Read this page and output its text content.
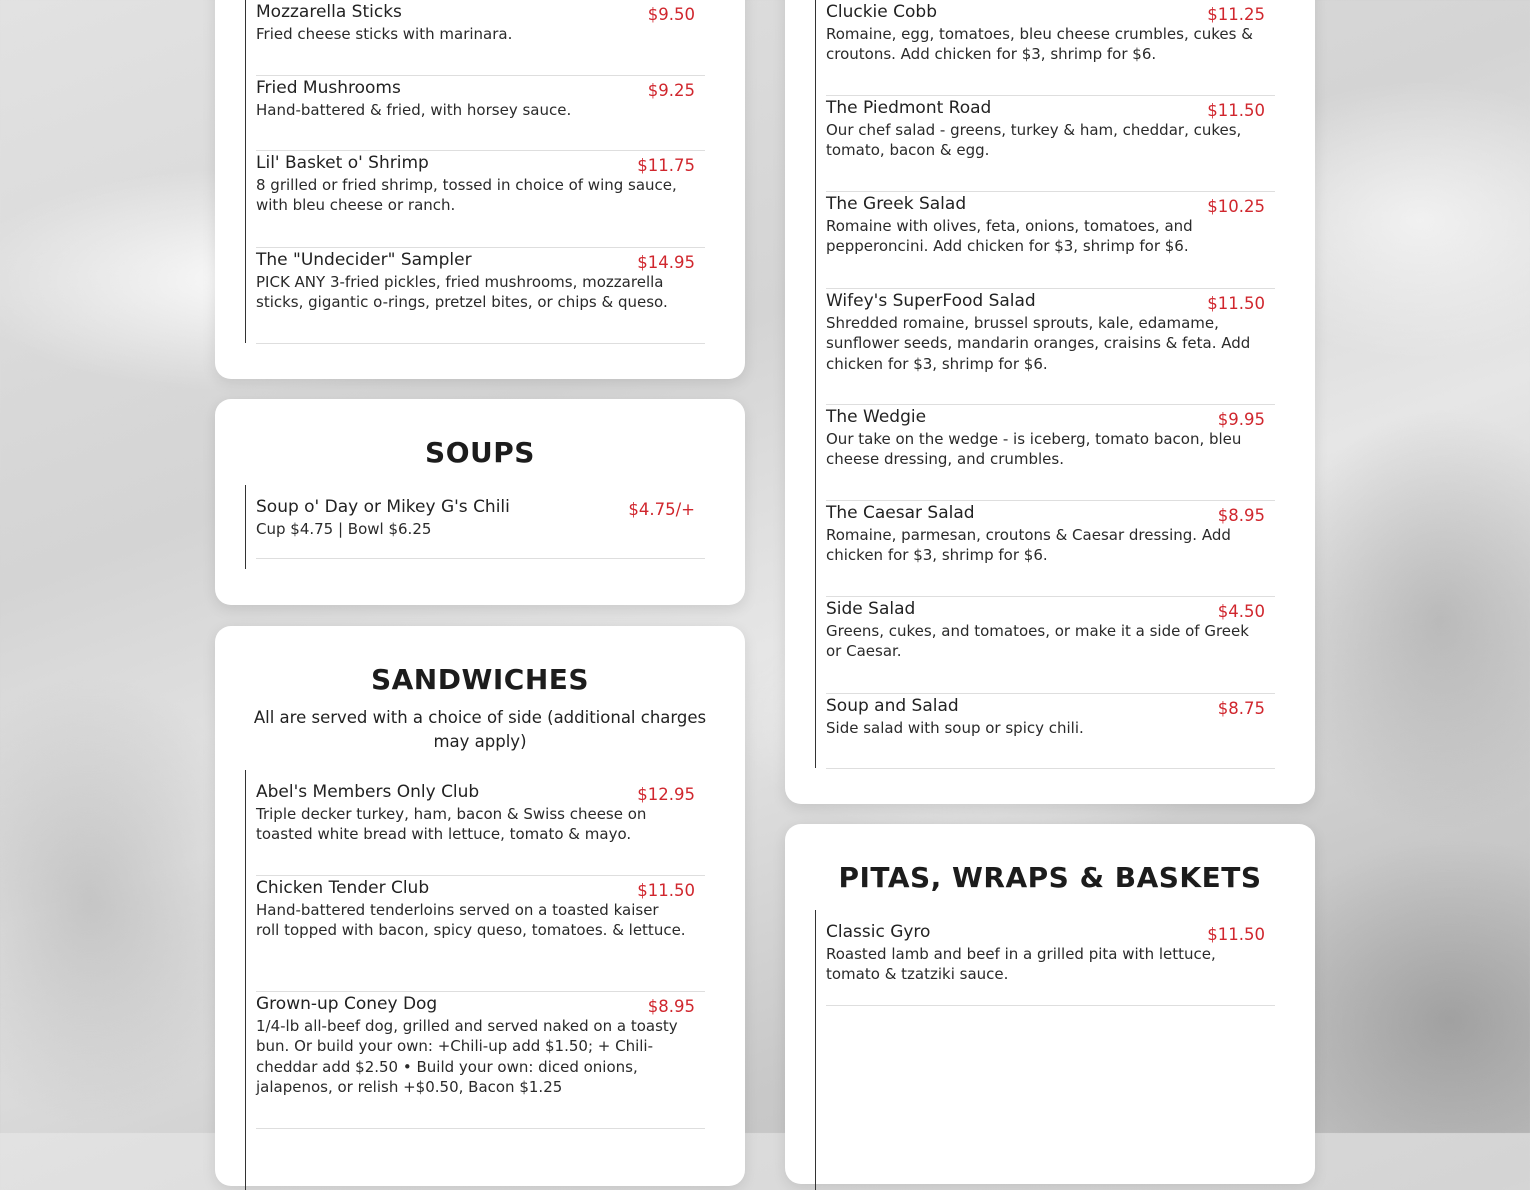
Mozzarella Sticks	$9.50
Fried cheese sticks with marinara.
Fried Mushrooms	$9.25
Hand-battered & fried, with horsey sauce.
Lil' Basket o' Shrimp	$11.75
8 grilled or fried shrimp, tossed in choice of wing sauce, with bleu cheese or ranch.
The "Undecider" Sampler	$14.95
PICK ANY 3-fried pickles, fried mushrooms, mozzarella sticks, gigantic o-rings, pretzel bites, or chips & queso.
SOUPS
Soup o' Day or Mikey G's Chili	$4.75/+
Cup $4.75 | Bowl $6.25
SANDWICHES

All are served with a choice of side (additional charges may apply)

Abel's Members Only Club	$12.95
Triple decker turkey, ham, bacon & Swiss cheese on toasted white bread with lettuce, tomato & mayo.
Chicken Tender Club	$11.50
Hand-battered tenderloins served on a toasted kaiser roll topped with bacon, spicy queso, tomatoes. & lettuce.
Grown-up Coney Dog	$8.95
1/4-lb all-beef dog, grilled and served naked on a toasty bun. Or build your own: +Chili-up add $1.50; + Chili-cheddar add $2.50 • Build your own: diced onions, jalapenos, or relish +$0.50, Bacon $1.25
Cluckie Cobb	$11.25
Romaine, egg, tomatoes, bleu cheese crumbles, cukes & croutons. Add chicken for $3, shrimp for $6.
The Piedmont Road	$11.50
Our chef salad - greens, turkey & ham, cheddar, cukes, tomato, bacon & egg.
The Greek Salad	$10.25
Romaine with olives, feta, onions, tomatoes, and pepperoncini. Add chicken for $3, shrimp for $6.
Wifey's SuperFood Salad	$11.50
Shredded romaine, brussel sprouts, kale, edamame, sunflower seeds, mandarin oranges, craisins & feta. Add chicken for $3, shrimp for $6.
The Wedgie	$9.95
Our take on the wedge - is iceberg, tomato bacon, bleu cheese dressing, and crumbles.
The Caesar Salad	$8.95
Romaine, parmesan, croutons & Caesar dressing. Add chicken for $3, shrimp for $6.
Side Salad	$4.50
Greens, cukes, and tomatoes, or make it a side of Greek or Caesar.
Soup and Salad	$8.75
Side salad with soup or spicy chili.
PITAS, WRAPS & BASKETS
Classic Gyro	$11.50
Roasted lamb and beef in a grilled pita with lettuce, tomato & tzatziki sauce.
